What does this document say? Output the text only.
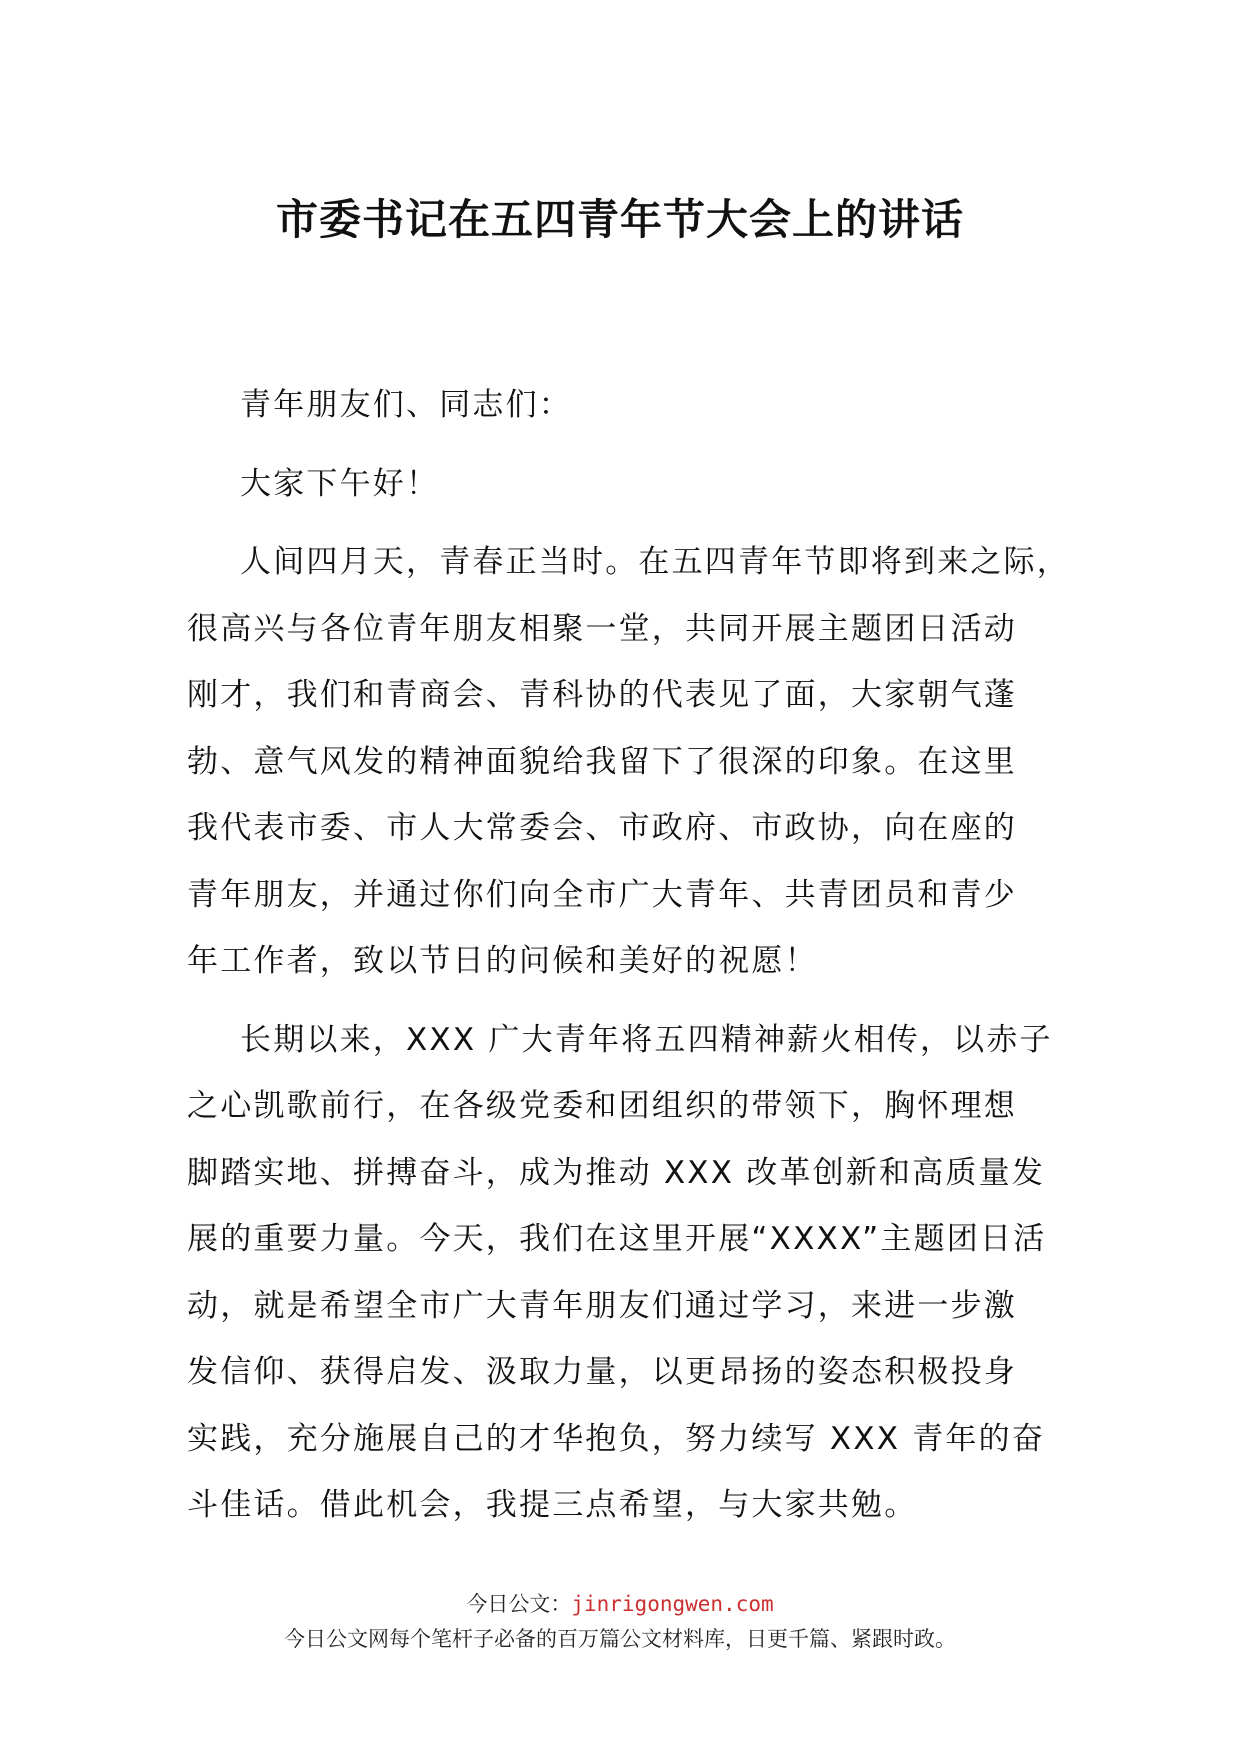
市委书记在五四青年节大会上的讲话

青年朋友们、同志们：

大家下午好！

人间四月天，青春正当时。在五四青年节即将到来之际，
很高兴与各位青年朋友相聚一堂，共同开展主题团日活动
刚才，我们和青商会、青科协的代表见了面，大家朝气蓬
勃、意气风发的精神面貌给我留下了很深的印象。在这里
我代表市委、市人大常委会、市政府、市政协，向在座的
青年朋友，并通过你们向全市广大青年、共青团员和青少
年工作者，致以节日的问候和美好的祝愿！

长期以来，XXX 广大青年将五四精神薪火相传，以赤子
之心凯歌前行，在各级党委和团组织的带领下，胸怀理想
脚踏实地、拼搏奋斗，成为推动 XXX 改革创新和高质量发
展的重要力量。今天，我们在这里开展“XXXX”主题团日活
动，就是希望全市广大青年朋友们通过学习，来进一步激
发信仰、获得启发、汲取力量，以更昂扬的姿态积极投身
实践，充分施展自己的才华抱负，努力续写 XXX 青年的奋
斗佳话。借此机会，我提三点希望，与大家共勉。

今日公文：jinrigongwen.com
今日公文网每个笔杆子必备的百万篇公文材料库，日更千篇、紧跟时政。
